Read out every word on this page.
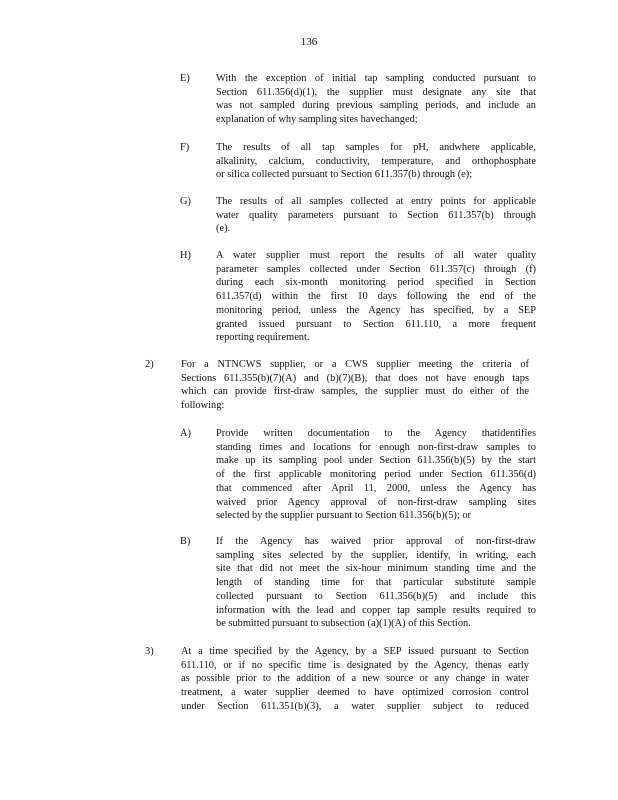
136
E)	With the exception of initial tap sampling conducted pursuant to
Section 611.356(d)(1), the supplier must designate any site that
was not sampled during previous sampling periods, and include an
explanation of why sampling sites havechanged;
F)	The results of all tap samples for pH, andwhere applicable,
alkalinity, calcium, conductivity, temperature, and orthophosphate
or silica collected pursuant to Section 611.357(b) through (e);
G)	The results of all samples collected at entry points for applicable
water quality parameters pursuant to Section 611.357(b) through
(e).
H)	A water supplier must report the results of all water quality
parameter samples collected under Section 611.357(c) through (f)
during each six-month monitoring period specified in Section
611.357(d) within the first 10 days following the end of the
monitoring period, unless the Agency has specified, by a SEP
granted issued pursuant to Section 611.110, a more frequent
reporting requirement.
2)	For a NTNCWS supplier, or a CWS supplier meeting the criteria of
Sections 611.355(b)(7)(A) and (b)(7)(B), that does not have enough taps
which can provide first-draw samples, the supplier must do either of the
following:
A)	Provide written documentation to the Agency thatidentifies
standing times and locations for enough non-first-draw samples to
make up its sampling pool under Section 611.356(b)(5) by the start
of the first applicable monitoring period under Section 611.356(d)
that commenced after April 11, 2000, unless the Agency has
waived prior Agency approval of non-first-draw sampling sites
selected by the supplier pursuant to Section 611.356(b)(5); or
B)	If the Agency has waived prior approval of non-first-draw
sampling sites selected by the supplier, identify, in writing, each
site that did not meet the six-hour minimum standing time and the
length of standing time for that particular substitute sample
collected pursuant to Section 611.356(b)(5) and include this
information with the lead and copper tap sample results required to
be submitted pursuant to subsection (a)(1)(A) of this Section.
3)	At a time specified by the Agency, by a SEP issued pursuant to Section
611.110, or if no specific time is designated by the Agency, thenas early
as possible prior to the addition of a new source or any change in water
treatment, a water supplier deemed to have optimized corrosion control
under Section 611.351(b)(3), a water supplier subject to reduced
